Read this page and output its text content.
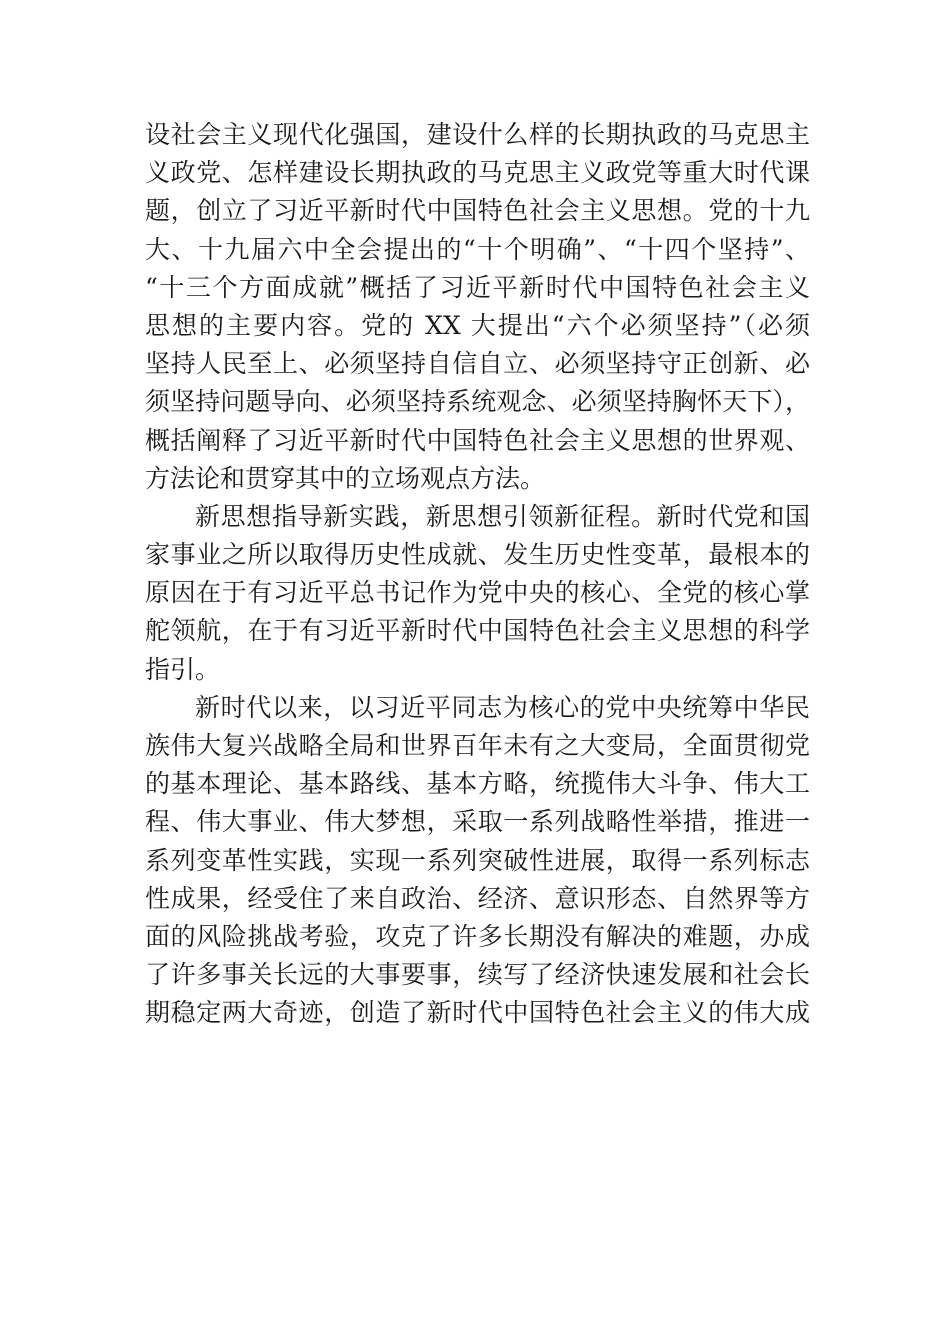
设社会主义现代化强国，建设什么样的长期执政的马克思主
义政党、怎样建设长期执政的马克思主义政党等重大时代课
题，创立了习近平新时代中国特色社会主义思想。党的十九
大、十九届六中全会提出的“十个明确”、“十四个坚持”、
“十三个方面成就”概括了习近平新时代中国特色社会主义
思想的主要内容。党的 XX 大提出“六个必须坚持”（必须
坚持人民至上、必须坚持自信自立、必须坚持守正创新、必
须坚持问题导向、必须坚持系统观念、必须坚持胸怀天下），
概括阐释了习近平新时代中国特色社会主义思想的世界观、
方法论和贯穿其中的立场观点方法。
新思想指导新实践，新思想引领新征程。新时代党和国
家事业之所以取得历史性成就、发生历史性变革，最根本的
原因在于有习近平总书记作为党中央的核心、全党的核心掌
舵领航，在于有习近平新时代中国特色社会主义思想的科学
指引。
新时代以来，以习近平同志为核心的党中央统筹中华民
族伟大复兴战略全局和世界百年未有之大变局，全面贯彻党
的基本理论、基本路线、基本方略，统揽伟大斗争、伟大工
程、伟大事业、伟大梦想，采取一系列战略性举措，推进一
系列变革性实践，实现一系列突破性进展，取得一系列标志
性成果，经受住了来自政治、经济、意识形态、自然界等方
面的风险挑战考验，攻克了许多长期没有解决的难题，办成
了许多事关长远的大事要事，续写了经济快速发展和社会长
期稳定两大奇迹，创造了新时代中国特色社会主义的伟大成
